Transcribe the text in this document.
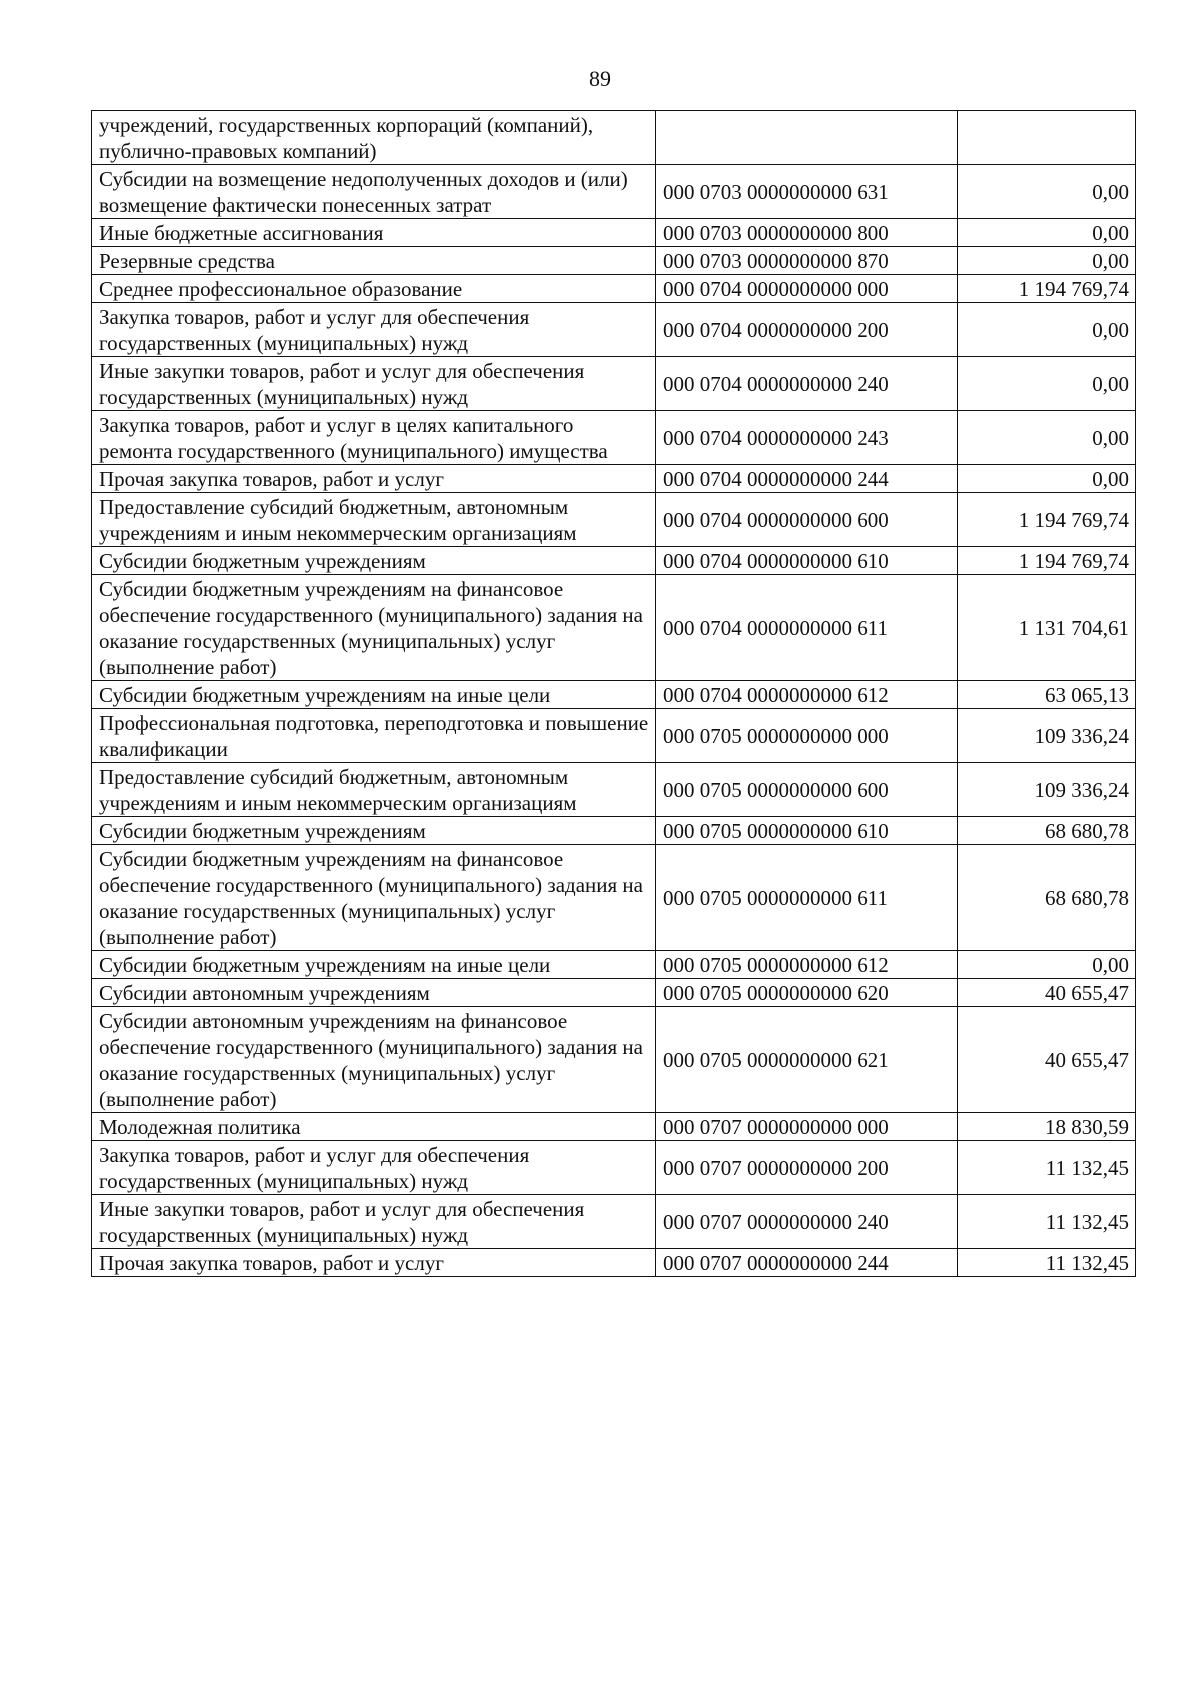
89
учреждений, государственных корпораций (компаний), публично-правовых компаний)		
Субсидии на возмещение недополученных доходов и (или) возмещение фактически понесенных затрат	000 0703 0000000000 631	0,00
Иные бюджетные ассигнования	000 0703 0000000000 800	0,00
Резервные средства	000 0703 0000000000 870	0,00
Среднее профессиональное образование	000 0704 0000000000 000	1 194 769,74
Закупка товаров, работ и услуг для обеспечения государственных (муниципальных) нужд	000 0704 0000000000 200	0,00
Иные закупки товаров, работ и услуг для обеспечения государственных (муниципальных) нужд	000 0704 0000000000 240	0,00
Закупка товаров, работ и услуг в целях капитального ремонта государственного (муниципального) имущества	000 0704 0000000000 243	0,00
Прочая закупка товаров, работ и услуг	000 0704 0000000000 244	0,00
Предоставление субсидий бюджетным, автономным учреждениям и иным некоммерческим организациям	000 0704 0000000000 600	1 194 769,74
Субсидии бюджетным учреждениям	000 0704 0000000000 610	1 194 769,74
Субсидии бюджетным учреждениям на финансовое обеспечение государственного (муниципального) задания на оказание государственных (муниципальных) услуг (выполнение работ)	000 0704 0000000000 611	1 131 704,61
Субсидии бюджетным учреждениям на иные цели	000 0704 0000000000 612	63 065,13
Профессиональная подготовка, переподготовка и повышение квалификации	000 0705 0000000000 000	109 336,24
Предоставление субсидий бюджетным, автономным учреждениям и иным некоммерческим организациям	000 0705 0000000000 600	109 336,24
Субсидии бюджетным учреждениям	000 0705 0000000000 610	68 680,78
Субсидии бюджетным учреждениям на финансовое обеспечение государственного (муниципального) задания на оказание государственных (муниципальных) услуг (выполнение работ)	000 0705 0000000000 611	68 680,78
Субсидии бюджетным учреждениям на иные цели	000 0705 0000000000 612	0,00
Субсидии автономным учреждениям	000 0705 0000000000 620	40 655,47
Субсидии автономным учреждениям на финансовое обеспечение государственного (муниципального) задания на оказание государственных (муниципальных) услуг (выполнение работ)	000 0705 0000000000 621	40 655,47
Молодежная политика	000 0707 0000000000 000	18 830,59
Закупка товаров, работ и услуг для обеспечения государственных (муниципальных) нужд	000 0707 0000000000 200	11 132,45
Иные закупки товаров, работ и услуг для обеспечения государственных (муниципальных) нужд	000 0707 0000000000 240	11 132,45
Прочая закупка товаров, работ и услуг	000 0707 0000000000 244	11 132,45
